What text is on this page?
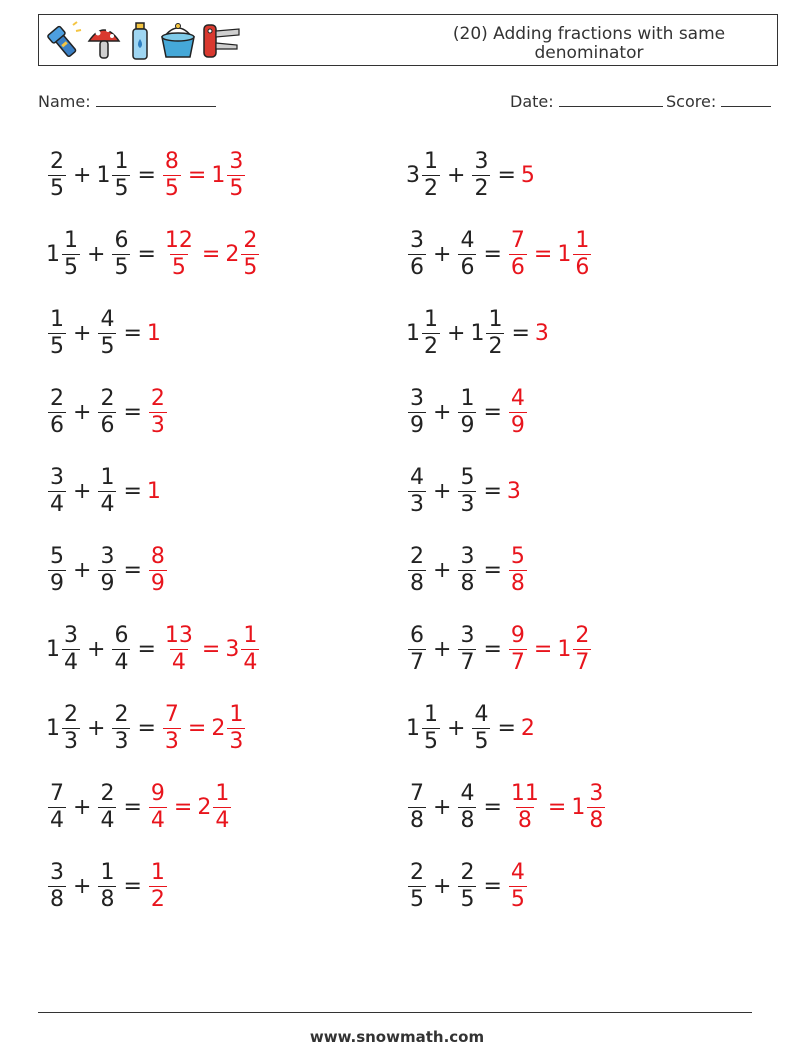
(20) Adding fractions with same denominator
Name:	Date:	Score:
$\frac{2}{5} + 1 \frac{1}{5} = \frac{8}{5} = 1 \frac{3}{5}$	$3 \frac{1}{2} + \frac{3}{2} = 5$
$1 \frac{1}{5} + \frac{6}{5} = \frac{12}{5} = 2 \frac{2}{5}$	$\frac{3}{6} + \frac{4}{6} = \frac{7}{6} = 1 \frac{1}{6}$
$\frac{1}{5} + \frac{4}{5} = 1$	$1 \frac{1}{2} + 1 \frac{1}{2} = 3$
$\frac{2}{6} + \frac{2}{6} = \frac{2}{3}$	$\frac{3}{9} + \frac{1}{9} = \frac{4}{9}$
$\frac{3}{4} + \frac{1}{4} = 1$	$\frac{4}{3} + \frac{5}{3} = 3$
$\frac{5}{9} + \frac{3}{9} = \frac{8}{9}$	$\frac{2}{8} + \frac{3}{8} = \frac{5}{8}$
$1 \frac{3}{4} + \frac{6}{4} = \frac{13}{4} = 3 \frac{1}{4}$	$\frac{6}{7} + \frac{3}{7} = \frac{9}{7} = 1 \frac{2}{7}$
$1 \frac{2}{3} + \frac{2}{3} = \frac{7}{3} = 2 \frac{1}{3}$	$1 \frac{1}{5} + \frac{4}{5} = 2$
$\frac{7}{4} + \frac{2}{4} = \frac{9}{4} = 2 \frac{1}{4}$	$\frac{7}{8} + \frac{4}{8} = \frac{11}{8} = 1 \frac{3}{8}$
$\frac{3}{8} + \frac{1}{8} = \frac{1}{2}$	$\frac{2}{5} + \frac{2}{5} = \frac{4}{5}$
www.snowmath.com
